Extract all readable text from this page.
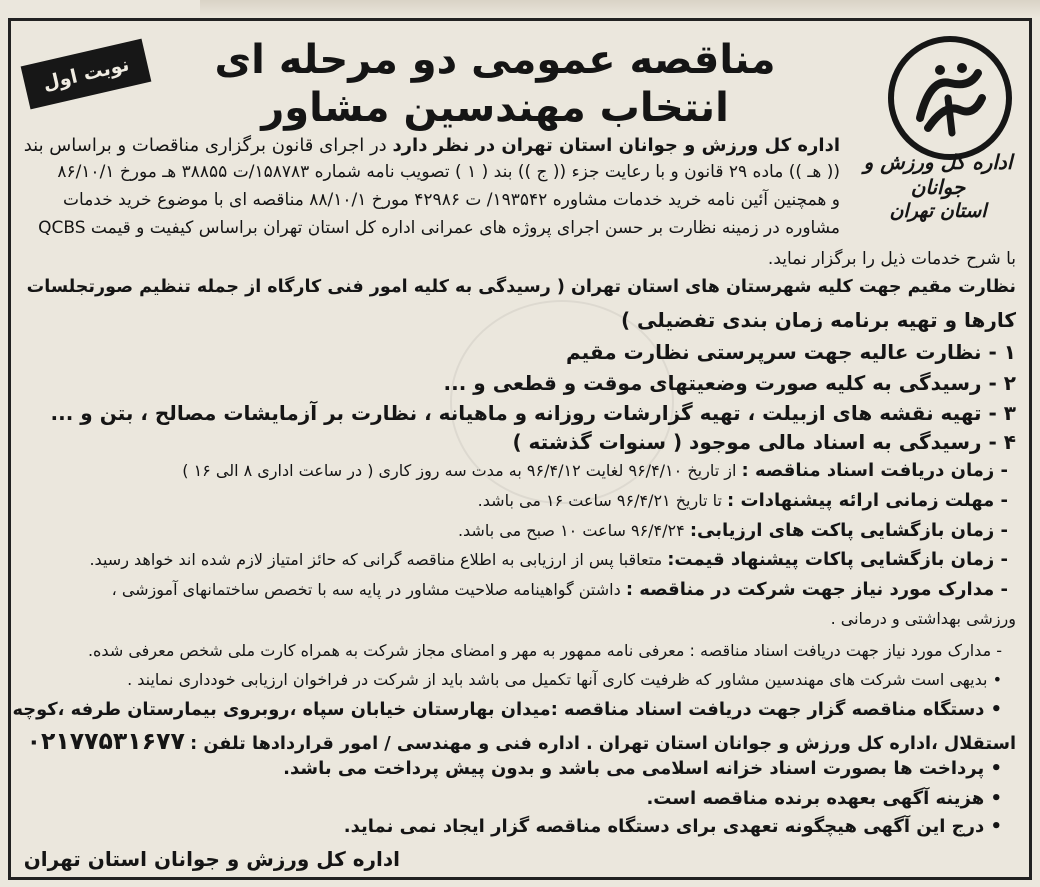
اداره کل ورزش و جوانان
استان تهران
نوبت اول	مناقصه عمومی دو مرحله ای
انتخاب مهندسین مشاور
اداره کل ورزش و جوانان استان تهران در نظر دارد در اجرای قانون برگزاری مناقصات و براساس بند
(( هـ )) ماده ۲۹ قانون و با رعایت جزء (( ج )) بند ( ۱ ) تصویب نامه شماره ۱۵۸۷۸۳/ت ۳۸۸۵۵ هـ مورخ ۸۶/۱۰/۱
و همچنین آئین نامه خرید خدمات مشاوره ۱۹۳۵۴۲/ ت ۴۲۹۸۶ مورخ ۸۸/۱۰/۱ مناقصه ای با موضوع خرید خدمات
مشاوره در زمینه نظارت بر حسن اجرای پروژه های عمرانی اداره کل استان تهران براساس کیفیت و قیمت QCBS
با شرح خدمات ذیل را برگزار نماید.
نظارت مقیم جهت کلیه شهرستان های استان تهران ( رسیدگی به کلیه امور فنی کارگاه از جمله تنظیم صورتجلسات
کارها و تهیه برنامه زمان بندی تفضیلی )
۱ - نظارت عالیه جهت سرپرستی نظارت مقیم
۲ - رسیدگی به کلیه صورت وضعیتهای موقت و قطعی و ...
۳ - تهیه نقشه های ازبیلت ، تهیه گزارشات روزانه و ماهیانه ، نظارت بر آزمایشات مصالح ، بتن و ...
۴ - رسیدگی به اسناد مالی موجود ( سنوات گذشته )
- زمان دریافت اسناد مناقصه : از تاریخ ۹۶/۴/۱۰ لغایت ۹۶/۴/۱۲ به مدت سه روز کاری ( در ساعت اداری ۸ الی ۱۶ )
- مهلت زمانی ارائه پیشنهادات : تا تاریخ ۹۶/۴/۲۱ ساعت ۱۶ می باشد.
- زمان بازگشایی پاکت های ارزیابی: ۹۶/۴/۲۴ ساعت ۱۰ صبح می باشد.
- زمان بازگشایی پاکات پیشنهاد قیمت: متعاقبا پس از ارزیابی به اطلاع مناقصه گرانی که حائز امتیاز لازم شده اند خواهد رسید.
- مدارک مورد نیاز جهت شرکت در مناقصه : داشتن گواهینامه صلاحیت مشاور در پایه سه با تخصص ساختمانهای آموزشی ،
ورزشی بهداشتی و درمانی .
- مدارک مورد نیاز جهت دریافت اسناد مناقصه : معرفی نامه ممهور به مهر و امضای مجاز شرکت به همراه کارت ملی شخص معرفی شده.
• بدیهی است شرکت های مهندسین مشاور که ظرفیت کاری آنها تکمیل می باشد باید از شرکت در فراخوان ارزیابی خودداری نمایند .
• دستگاه مناقصه گزار جهت دریافت اسناد مناقصه :میدان بهارستان خیابان سپاه ،روبروی بیمارستان طرفه ،کوچه
استقلال ،اداره کل ورزش و جوانان استان تهران . اداره فنی و مهندسی / امور قراردادها تلفن : ۰۲۱۷۷۵۳۱۶۷۷
• پرداخت ها بصورت اسناد خزانه اسلامی می باشد و بدون پیش پرداخت می باشد.
• هزینه آگهی بعهده برنده مناقصه است.
• درج این آگهی هیچگونه تعهدی برای دستگاه مناقصه گزار ایجاد نمی نماید.
اداره کل ورزش و جوانان استان تهران
